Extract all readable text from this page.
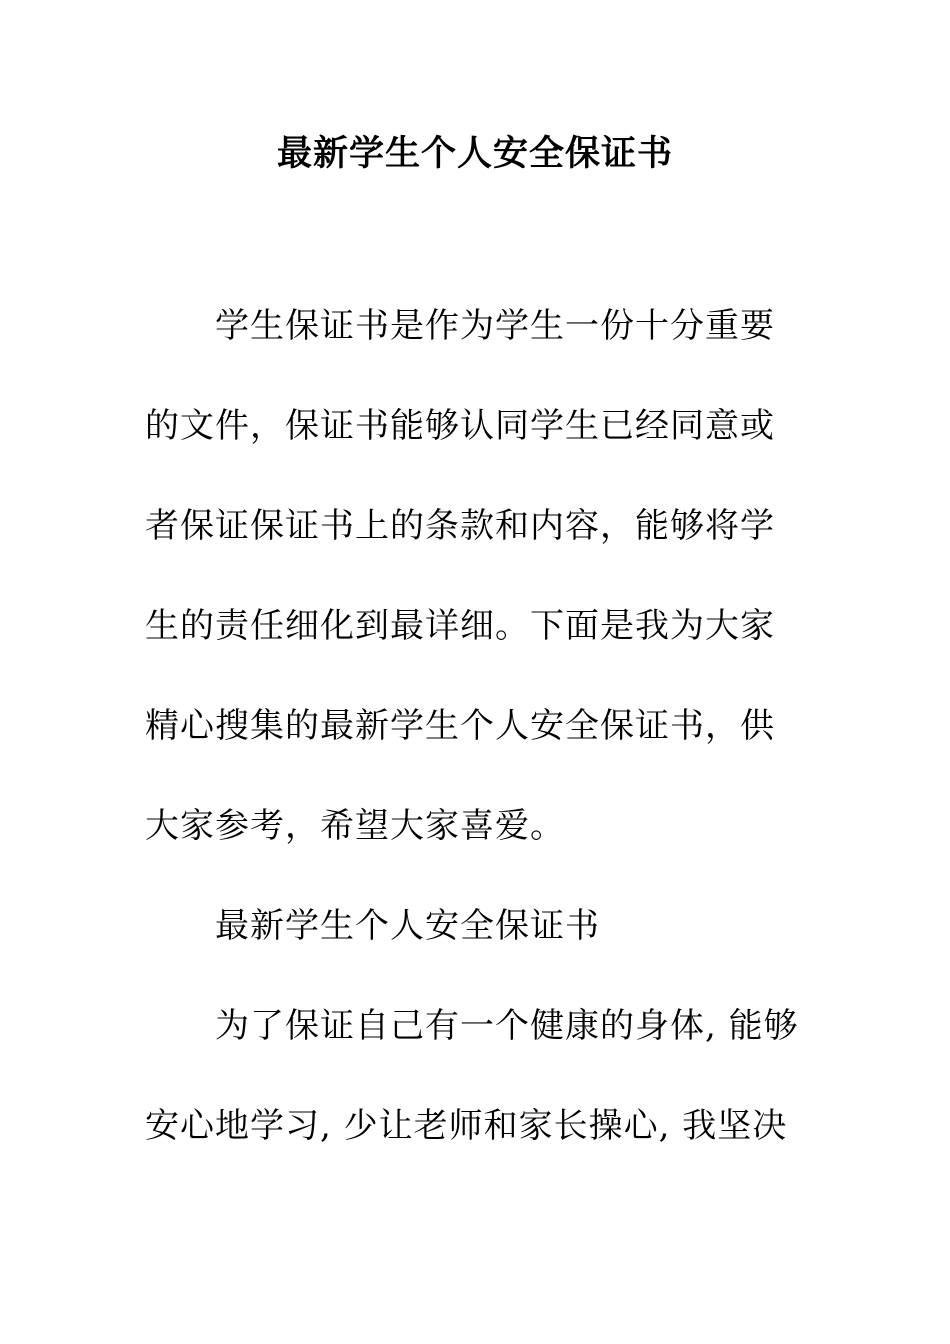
最新学生个人安全保证书
学生保证书是作为学生一份十分重要
的文件，保证书能够认同学生已经同意或
者保证保证书上的条款和内容，能够将学
生的责任细化到最详细。下面是我为大家
精心搜集的最新学生个人安全保证书，供
大家参考，希望大家喜爱。
最新学生个人安全保证书
为了保证自己有一个健康的身体, 能够
安心地学习, 少让老师和家长操心, 我坚决
